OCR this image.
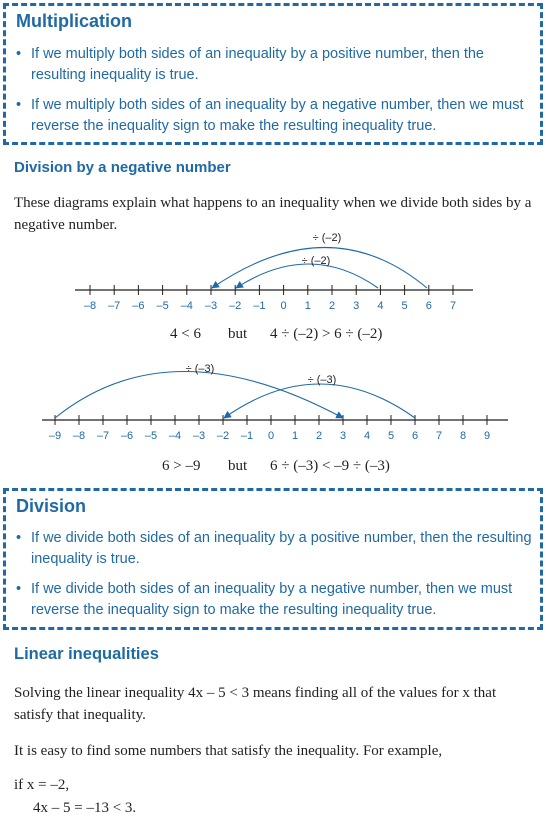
Multiplication
• If we multiply both sides of an inequality by a positive number, then the resulting inequality is true.
• If we multiply both sides of an inequality by a negative number, then we must reverse the inequality sign to make the resulting inequality true.
Division by a negative number

These diagrams explain what happens to an inequality when we divide both sides by a negative number.

–8 –7 –6 –5 –4 –3 –2 –1 0 1 2 3 4 5 6 7
÷ (–2)
÷ (–2)
4 < 6 but 4 ÷ (–2) > 6 ÷ (–2)
–9 –8 –7 –6 –5 –4 –3 –2 –1 0 1 2 3 4 5 6 7 8 9
÷ (–3)
÷ (–3)
6 > –9 but 6 ÷ (–3) < –9 ÷ (–3)
Division
• If we divide both sides of an inequality by a positive number, then the resulting inequality is true.
• If we divide both sides of an inequality by a negative number, then we must reverse the inequality sign to make the resulting inequality true.
Linear inequalities

Solving the linear inequality 4x – 5 < 3 means finding all of the values for x that satisfy that inequality.

It is easy to find some numbers that satisfy the inequality. For example,

if x = –2,

4x – 5 = –13 < 3.
